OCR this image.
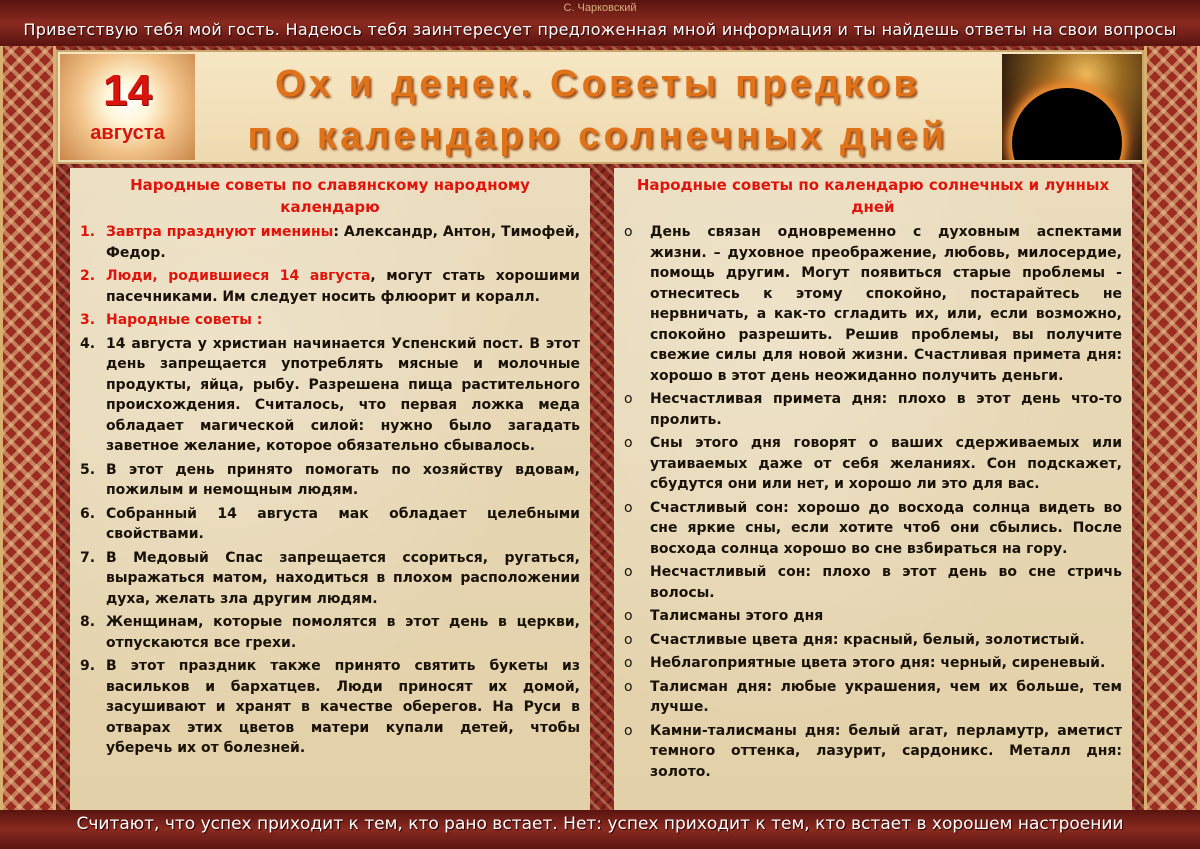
С. Чарковский
Приветствую тебя мой гость. Надеюсь тебя заинтересует предложенная мной информация и ты найдешь ответы на свои вопросы
14
августа
Ох и денек. Советы предков
по календарю солнечных дней
Народные советы по славянскому народному календарю
1. Завтра празднуют именины: Александр, Антон, Тимофей, Федор.
2. Люди, родившиеся 14 августа, могут стать хорошими пасечниками. Им следует носить флюорит и коралл.
3. Народные советы :
4. 14 августа у христиан начинается Успенский пост. В этот день запрещается употреблять мясные и молочные продукты, яйца, рыбу. Разрешена пища растительного происхождения. Считалось, что первая ложка меда обладает магической силой: нужно было загадать заветное желание, которое обязательно сбывалось.
5. В этот день принято помогать по хозяйству вдовам, пожилым и немощным людям.
6. Собранный 14 августа мак обладает целебными свойствами.
7. В Медовый Спас запрещается ссориться, ругаться, выражаться матом, находиться в плохом расположении духа, желать зла другим людям.
8. Женщинам, которые помолятся в этот день в церкви, отпускаются все грехи.
9. В этот праздник также принято святить букеты из васильков и бархатцев. Люди приносят их домой, засушивают и хранят в качестве оберегов. На Руси в отварах этих цветов матери купали детей, чтобы уберечь их от болезней.
Народные советы по календарю солнечных и лунных дней
o	День связан одновременно с духовным аспектами жизни. – духовное преображение, любовь, милосердие, помощь другим. Могут появиться старые проблемы - отнеситесь к этому спокойно, постарайтесь не нервничать, а как-то сгладить их, или, если возможно, спокойно разрешить. Решив проблемы, вы получите свежие силы для новой жизни. Счастливая примета дня: хорошо в этот день неожиданно получить деньги.
o	Несчастливая примета дня: плохо в этот день что-то пролить.
o	Сны этого дня говорят о ваших сдерживаемых или утаиваемых даже от себя желаниях. Сон подскажет, сбудутся они или нет, и хорошо ли это для вас.
o	Счастливый сон: хорошо до восхода солнца видеть во сне яркие сны, если хотите чтоб они сбылись. После восхода солнца хорошо во сне взбираться на гору.
o	Несчастливый сон: плохо в этот день во сне стричь волосы.
o	Талисманы этого дня
o	Счастливые цвета дня: красный, белый, золотистый.
o	Неблагоприятные цвета этого дня: черный, сиреневый.
o	Талисман дня: любые украшения, чем их больше, тем лучше.
o	Камни-талисманы дня: белый агат, перламутр, аметист темного оттенка, лазурит, сардоникс. Металл дня: золото.
Считают, что успех приходит к тем, кто рано встает. Нет: успех приходит к тем, кто встает в хорошем настроении
